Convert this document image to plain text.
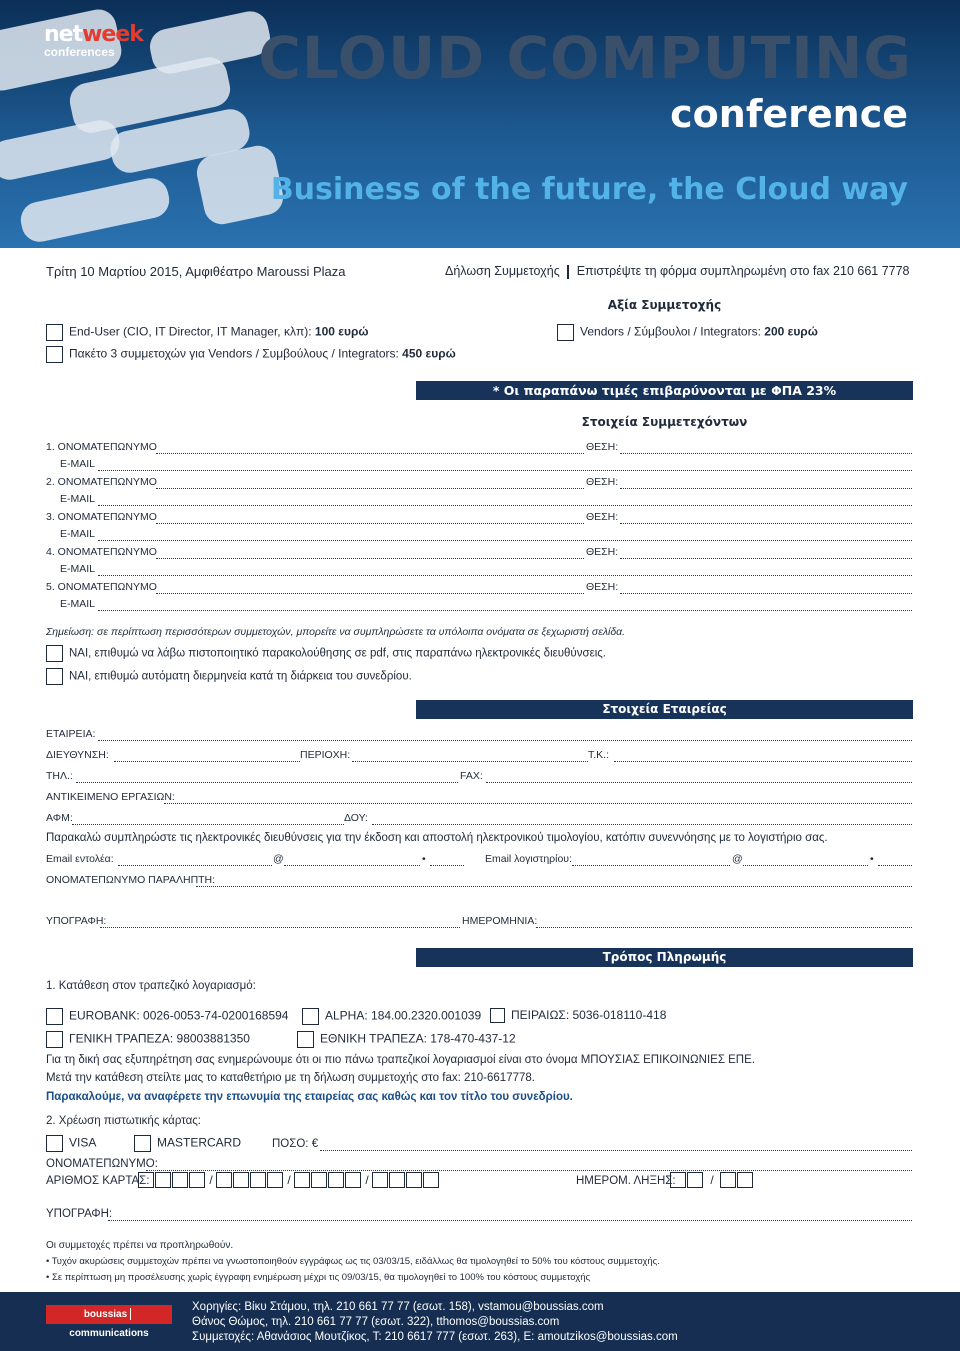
netweek
conferences	CLOUD COMPUTING
conference
Business of the future, the Cloud way
Τρίτη 10 Μαρτίου 2015, Αμφιθέατρο Maroussi Plaza	Δήλωση Συμμετοχής Επιστρέψτε τη φόρμα συμπληρωμένη στο fax 210 661 7778
Αξία Συμμετοχής
End-User (CIO, IT Director, IT Manager, κλπ): 100 ευρώ	Vendors / Σύμβουλοι / Integrators: 200 ευρώ
Πακέτο 3 συμμετοχών για Vendors / Συμβούλους / Integrators: 450 ευρώ
* Οι παραπάνω τιμές επιβαρύνονται με ΦΠΑ 23%
Στοιχεία Συμμετεχόντων
1. ΟΝΟΜΑΤΕΠΩΝΥΜΟ	ΘΕΣΗ:
E-MAIL
2. ΟΝΟΜΑΤΕΠΩΝΥΜΟ	ΘΕΣΗ:
E-MAIL
3. ΟΝΟΜΑΤΕΠΩΝΥΜΟ	ΘΕΣΗ:
E-MAIL
4. ΟΝΟΜΑΤΕΠΩΝΥΜΟ	ΘΕΣΗ:
E-MAIL
5. ΟΝΟΜΑΤΕΠΩΝΥΜΟ	ΘΕΣΗ:
E-MAIL
Σημείωση: σε περίπτωση περισσότερων συμμετοχών, μπορείτε να συμπληρώσετε τα υπόλοιπα ονόματα σε ξεχωριστή σελίδα.
ΝΑΙ, επιθυμώ να λάβω πιστοποιητικό παρακολούθησης σε pdf, στις παραπάνω ηλεκτρονικές διευθύνσεις.
ΝΑΙ, επιθυμώ αυτόματη διερμηνεία κατά τη διάρκεια του συνεδρίου.
Στοιχεία Εταιρείας
ΕΤΑΙΡΕΙΑ:
ΔΙΕΥΘΥΝΣΗ:	ΠΕΡΙΟΧΗ:	Τ.Κ.:
ΤΗΛ.:	FAX:
ΑΝΤΙΚΕΙΜΕΝΟ ΕΡΓΑΣΙΩΝ:
ΑΦΜ:	ΔΟΥ:
Παρακαλώ συμπληρώστε τις ηλεκτρονικές διευθύνσεις για την έκδοση και αποστολή ηλεκτρονικού τιμολογίου, κατόπιν συνεννόησης με το λογιστήριο σας.
Email εντολέα:	@	•	Email λογιστηρίου:	@	•
ΟΝΟΜΑΤΕΠΩΝΥΜΟ ΠΑΡΑΛΗΠΤΗ:
ΥΠΟΓΡΑΦΗ:	ΗΜΕΡΟΜΗΝΙΑ:
Τρόπος Πληρωμής
1. Κατάθεση στον τραπεζικό λογαριασμό:
EUROBANK: 0026-0053-74-0200168594	ALPHA: 184.00.2320.001039	ΠΕΙΡΑΙΩΣ: 5036-018110-418
ΓΕΝΙΚΗ ΤΡΑΠΕΖΑ: 98003881350	ΕΘΝΙΚΗ ΤΡΑΠΕΖΑ: 178-470-437-12
Για τη δική σας εξυπηρέτηση σας ενημερώνουμε ότι οι πιο πάνω τραπεζικοί λογαριασμοί είναι στο όνομα ΜΠΟΥΣΙΑΣ ΕΠΙΚΟΙΝΩΝΙΕΣ ΕΠΕ.
Μετά την κατάθεση στείλτε μας το καταθετήριο με τη δήλωση συμμετοχής στο fax: 210-6617778.
Παρακαλούμε, να αναφέρετε την επωνυμία της εταιρείας σας καθώς και τον τίτλο του συνεδρίου.
2. Χρέωση πιστωτικής κάρτας:
VISA	MASTERCARD	ΠΟΣΟ: €
ΟΝΟΜΑΤΕΠΩΝΥΜΟ:
ΑΡΙΘΜΟΣ ΚΑΡΤΑΣ:	/	/	/	ΗΜΕΡΟΜ. ΛΗΞΗΣ:	/
ΥΠΟΓΡΑΦΗ:
Οι συμμετοχές πρέπει να προπληρωθούν.
• Τυχόν ακυρώσεις συμμετοχών πρέπει να γνωστοποιηθούν εγγράφως ως τις 03/03/15, ειδάλλως θα τιμολογηθεί το 50% του κόστους συμμετοχής.
• Σε περίπτωση μη προσέλευσης χωρίς έγγραφη ενημέρωση μέχρι τις 09/03/15, θα τιμολογηθεί το 100% του κόστους συμμετοχής
boussiascommunications
Χορηγίες: Βίκυ Στάμου, τηλ. 210 661 77 77 (εσωτ. 158), vstamou@boussias.com
Θάνος Θώμος, τηλ. 210 661 77 77 (εσωτ. 322), tthomos@boussias.com
Συμμετοχές: Αθανάσιος Μουτζίκος, Τ: 210 6617 777 (εσωτ. 263), E: amoutzikos@boussias.com
